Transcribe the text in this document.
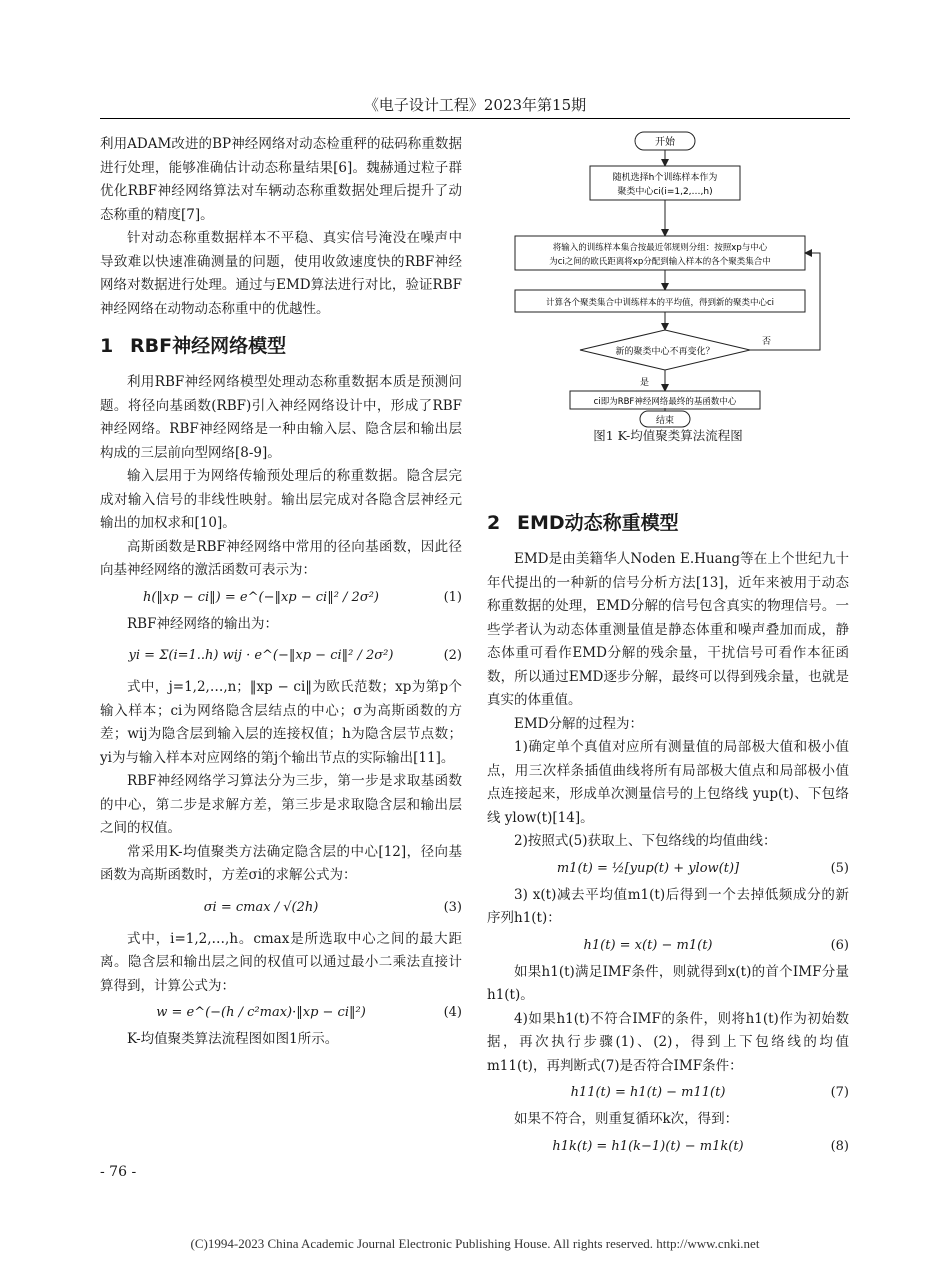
《电子设计工程》2023年第15期

利用ADAM改进的BP神经网络对动态检重秤的砝码称重数据进行处理，能够准确估计动态称量结果[6]。魏赫通过粒子群优化RBF神经网络算法对车辆动态称重数据处理后提升了动态称重的精度[7]。

针对动态称重数据样本不平稳、真实信号淹没在噪声中导致难以快速准确测量的问题，使用收敛速度快的RBF神经网络对数据进行处理。通过与EMD算法进行对比，验证RBF神经网络在动物动态称重中的优越性。

1 RBF神经网络模型

利用RBF神经网络模型处理动态称重数据本质是预测问题。将径向基函数(RBF)引入神经网络设计中，形成了RBF神经网络。RBF神经网络是一种由输入层、隐含层和输出层构成的三层前向型网络[8-9]。

输入层用于为网络传输预处理后的称重数据。隐含层完成对输入信号的非线性映射。输出层完成对各隐含层神经元输出的加权求和[10]。

高斯函数是RBF神经网络中常用的径向基函数，因此径向基神经网络的激活函数可表示为：

h(‖xp − ci‖) = e^(−‖xp − ci‖² / 2σ²)	(1)

RBF神经网络的输出为：

yi = Σ(i=1..h) wij · e^(−‖xp − ci‖² / 2σ²)	(2)

式中，j=1,2,…,n；‖xp − ci‖为欧氏范数；xp为第p个输入样本；ci为网络隐含层结点的中心；σ为高斯函数的方差；wij为隐含层到输入层的连接权值；h为隐含层节点数；yi为与输入样本对应网络的第j个输出节点的实际输出[11]。

RBF神经网络学习算法分为三步，第一步是求取基函数的中心，第二步是求解方差，第三步是求取隐含层和输出层之间的权值。

常采用K-均值聚类方法确定隐含层的中心[12]，径向基函数为高斯函数时，方差σi的求解公式为：

σi = cmax / √(2h)	(3)

式中，i=1,2,…,h。cmax是所选取中心之间的最大距离。隐含层和输出层之间的权值可以通过最小二乘法直接计算得到，计算公式为：

w = e^(−(h / c²max)·‖xp − ci‖²)	(4)

K-均值聚类算法流程图如图1所示。

开始
随机选择h个训练样本作为
聚类中心ci(i=1,2,…,h)
将输入的训练样本集合按最近邻规则分组：按照xp与中心
为ci之间的欧氏距离将xp分配到输入样本的各个聚类集合中
计算各个聚类集合中训练样本的平均值，得到新的聚类中心ci
新的聚类中心不再变化？
否
是
ci即为RBF神经网络最终的基函数中心
结束
图1 K-均值聚类算法流程图
2 EMD动态称重模型

EMD是由美籍华人Noden E.Huang等在上个世纪九十年代提出的一种新的信号分析方法[13]，近年来被用于动态称重数据的处理，EMD分解的信号包含真实的物理信号。一些学者认为动态体重测量值是静态体重和噪声叠加而成，静态体重可看作EMD分解的残余量，干扰信号可看作本征函数，所以通过EMD逐步分解，最终可以得到残余量，也就是真实的体重值。

EMD分解的过程为：

1)确定单个真值对应所有测量值的局部极大值和极小值点，用三次样条插值曲线将所有局部极大值点和局部极小值点连接起来，形成单次测量信号的上包络线 yup(t)、下包络线 ylow(t)[14]。

2)按照式(5)获取上、下包络线的均值曲线：

m1(t) = ½[yup(t) + ylow(t)]	(5)

3) x(t)减去平均值m1(t)后得到一个去掉低频成分的新序列h1(t)：

h1(t) = x(t) − m1(t)	(6)

如果h1(t)满足IMF条件，则就得到x(t)的首个IMF分量h1(t)。

4)如果h1(t)不符合IMF的条件，则将h1(t)作为初始数据，再次执行步骤(1)、(2)，得到上下包络线的均值m11(t)，再判断式(7)是否符合IMF条件：

h11(t) = h1(t) − m11(t)	(7)

如果不符合，则重复循环k次，得到：

h1k(t) = h1(k−1)(t) − m1k(t)	(8)
- 76 -
(C)1994-2023 China Academic Journal Electronic Publishing House. All rights reserved. http://www.cnki.net
